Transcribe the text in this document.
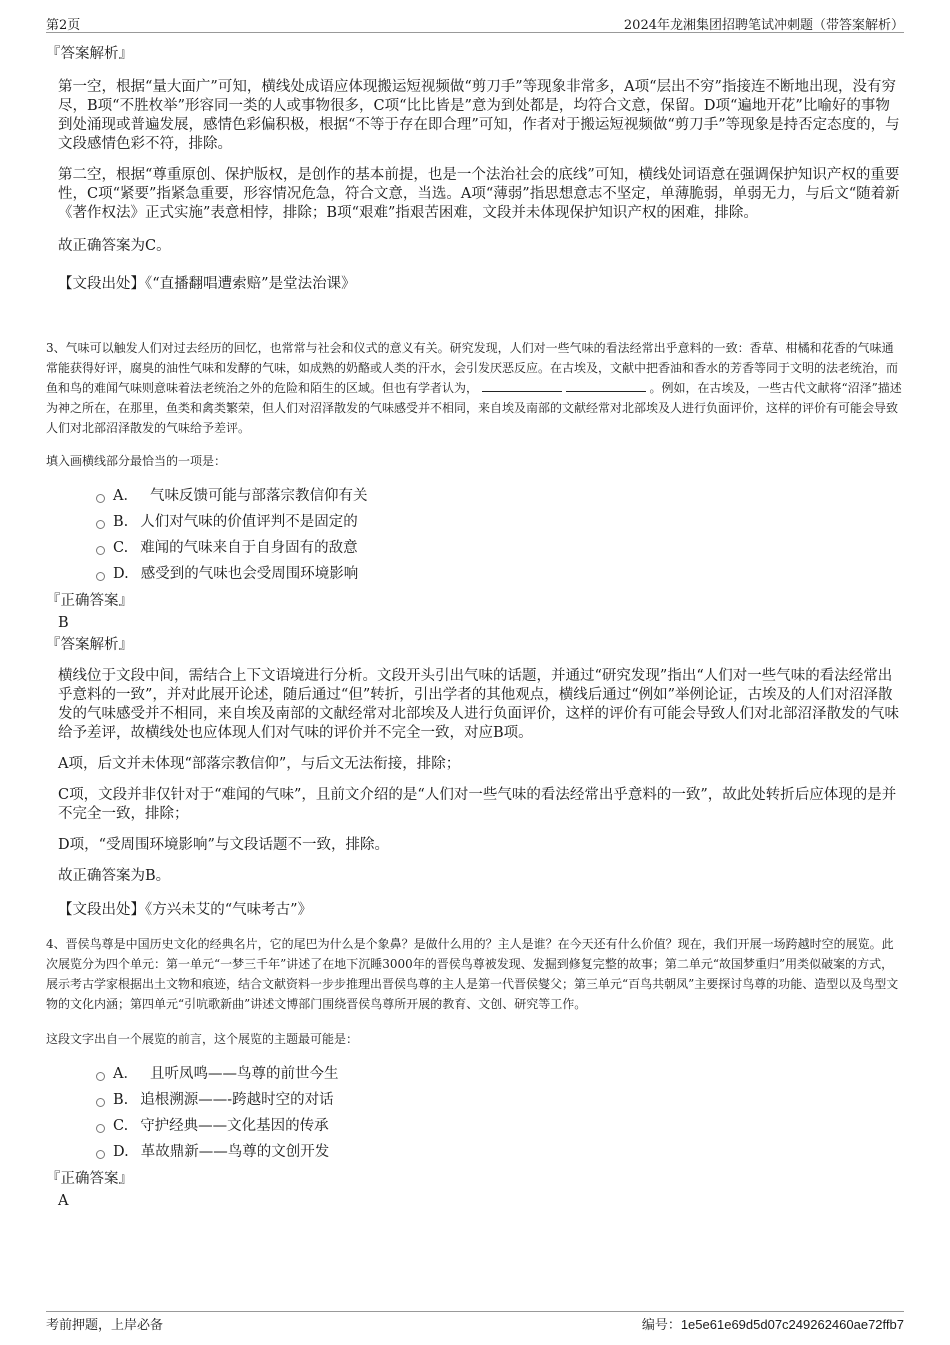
第2页	2024年龙湘集团招聘笔试冲刺题（带答案解析）

『答案解析』

第一空，根据“量大面广”可知，横线处成语应体现搬运短视频做“剪刀手”等现象非常多，A项“层出不穷”指接连不断地出现，没有穷尽，B项“不胜枚举”形容同一类的人或事物很多，C项“比比皆是”意为到处都是，均符合文意，保留。D项“遍地开花”比喻好的事物到处涌现或普遍发展，感情色彩偏积极，根据“不等于存在即合理”可知，作者对于搬运短视频做“剪刀手”等现象是持否定态度的，与文段感情色彩不符，排除。

第二空，根据“尊重原创、保护版权，是创作的基本前提，也是一个法治社会的底线”可知，横线处词语意在强调保护知识产权的重要性，C项“紧要”指紧急重要，形容情况危急，符合文意，当选。A项“薄弱”指思想意志不坚定，单薄脆弱，单弱无力，与后文“随着新《著作权法》正式实施”表意相悖，排除；B项“艰难”指艰苦困难，文段并未体现保护知识产权的困难，排除。

故正确答案为C。

【文段出处】《“直播翻唱遭索赔”是堂法治课》

3、气味可以触发人们对过去经历的回忆，也常常与社会和仪式的意义有关。研究发现，人们对一些气味的看法经常出乎意料的一致：香草、柑橘和花香的气味通常能获得好评，腐臭的油性气味和发酵的气味，如成熟的奶酪或人类的汗水，会引发厌恶反应。在古埃及，文献中把香油和香水的芳香等同于文明的法老统治，而鱼和鸟的难闻气味则意味着法老统治之外的危险和陌生的区域。但也有学者认为，	。例如，在古埃及，一些古代文献将“沼泽”描述为神之所在，在那里，鱼类和禽类繁荣，但人们对沼泽散发的气味感受并不相同，来自埃及南部的文献经常对北部埃及人进行负面评价，这样的评价有可能会导致人们对北部沼泽散发的气味给予差评。

填入画横线部分最恰当的一项是：

A． 气味反馈可能与部落宗教信仰有关
B. 人们对气味的价值评判不是固定的
C. 难闻的气味来自于自身固有的敌意
D. 感受到的气味也会受周围环境影响

『正确答案』

B

『答案解析』

横线位于文段中间，需结合上下文语境进行分析。文段开头引出气味的话题，并通过“研究发现”指出“人们对一些气味的看法经常出乎意料的一致”，并对此展开论述，随后通过“但”转折，引出学者的其他观点，横线后通过“例如”举例论证，古埃及的人们对沼泽散发的气味感受并不相同，来自埃及南部的文献经常对北部埃及人进行负面评价，这样的评价有可能会导致人们对北部沼泽散发的气味给予差评，故横线处也应体现人们对气味的评价并不完全一致，对应B项。

A项，后文并未体现“部落宗教信仰”，与后文无法衔接，排除；

C项，文段并非仅针对于“难闻的气味”，且前文介绍的是“人们对一些气味的看法经常出乎意料的一致”，故此处转折后应体现的是并不完全一致，排除；

D项，“受周围环境影响”与文段话题不一致，排除。

故正确答案为B。

【文段出处】《方兴未艾的“气味考古”》

4、晋侯鸟尊是中国历史文化的经典名片，它的尾巴为什么是个象鼻？是做什么用的？主人是谁？在今天还有什么价值？现在，我们开展一场跨越时空的展览。此次展览分为四个单元：第一单元“一梦三千年”讲述了在地下沉睡3000年的晋侯鸟尊被发现、发掘到修复完整的故事；第二单元“故国梦重归”用类似破案的方式，展示考古学家根据出土文物和痕迹，结合文献资料一步步推理出晋侯鸟尊的主人是第一代晋侯燮父；第三单元“百鸟共朝凤”主要探讨鸟尊的功能、造型以及鸟型文物的文化内涵；第四单元“引吭歌新曲”讲述文博部门围绕晋侯鸟尊所开展的教育、文创、研究等工作。

这段文字出自一个展览的前言，这个展览的主题最可能是：

A． 且听凤鸣——鸟尊的前世今生
B. 追根溯源——-跨越时空的对话
C. 守护经典——文化基因的传承
D. 革故鼎新——鸟尊的文创开发

『正确答案』

A

考前押题，上岸必备	编号：1e5e61e69d5d07c249262460ae72ffb7
